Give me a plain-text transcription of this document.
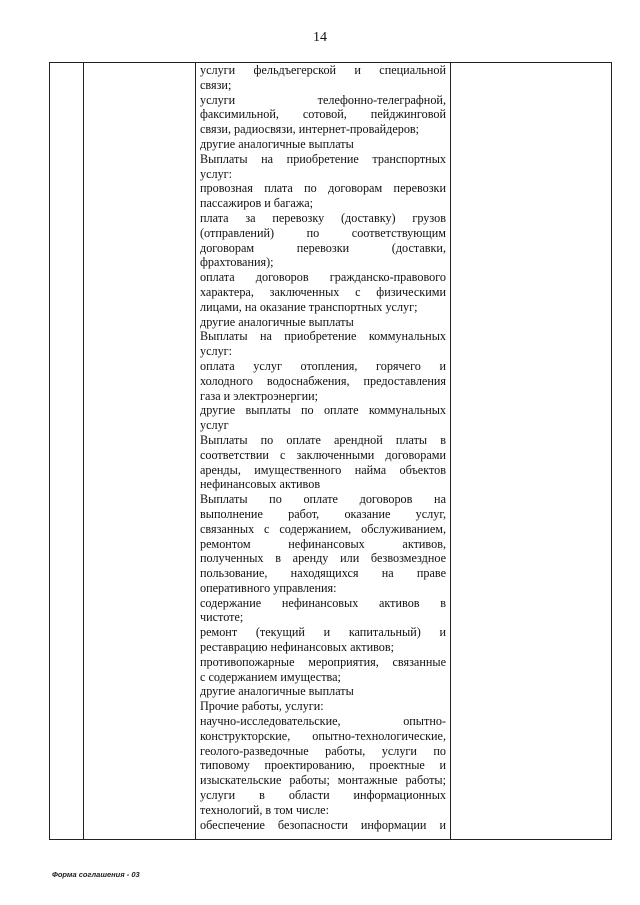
14
услуги фельдъегерской и специальной
связи;
услуги телефонно-телеграфной,
факсимильной, сотовой, пейджинговой
связи, радиосвязи, интернет-провайдеров;
другие аналогичные выплаты
Выплаты на приобретение транспортных
услуг:
провозная плата по договорам перевозки
пассажиров и багажа;
плата за перевозку (доставку) грузов
(отправлений) по соответствующим
договорам перевозки (доставки,
фрахтования);
оплата договоров гражданско-правового
характера, заключенных с физическими
лицами, на оказание транспортных услуг;
другие аналогичные выплаты
Выплаты на приобретение коммунальных
услуг:
оплата услуг отопления, горячего и
холодного водоснабжения, предоставления
газа и электроэнергии;
другие выплаты по оплате коммунальных
услуг
Выплаты по оплате арендной платы в
соответствии с заключенными договорами
аренды, имущественного найма объектов
нефинансовых активов
Выплаты по оплате договоров на
выполнение работ, оказание услуг,
связанных с содержанием, обслуживанием,
ремонтом нефинансовых активов,
полученных в аренду или безвозмездное
пользование, находящихся на праве
оперативного управления:
содержание нефинансовых активов в
чистоте;
ремонт (текущий и капитальный) и
реставрацию нефинансовых активов;
противопожарные мероприятия, связанные
с содержанием имущества;
другие аналогичные выплаты
Прочие работы, услуги:
научно-исследовательские, опытно-
конструкторские, опытно-технологические,
геолого-разведочные работы, услуги по
типовому проектированию, проектные и
изыскательские работы; монтажные работы;
услуги в области информационных
технологий, в том числе:
обеспечение безопасности информации и
Форма соглашения - 03
